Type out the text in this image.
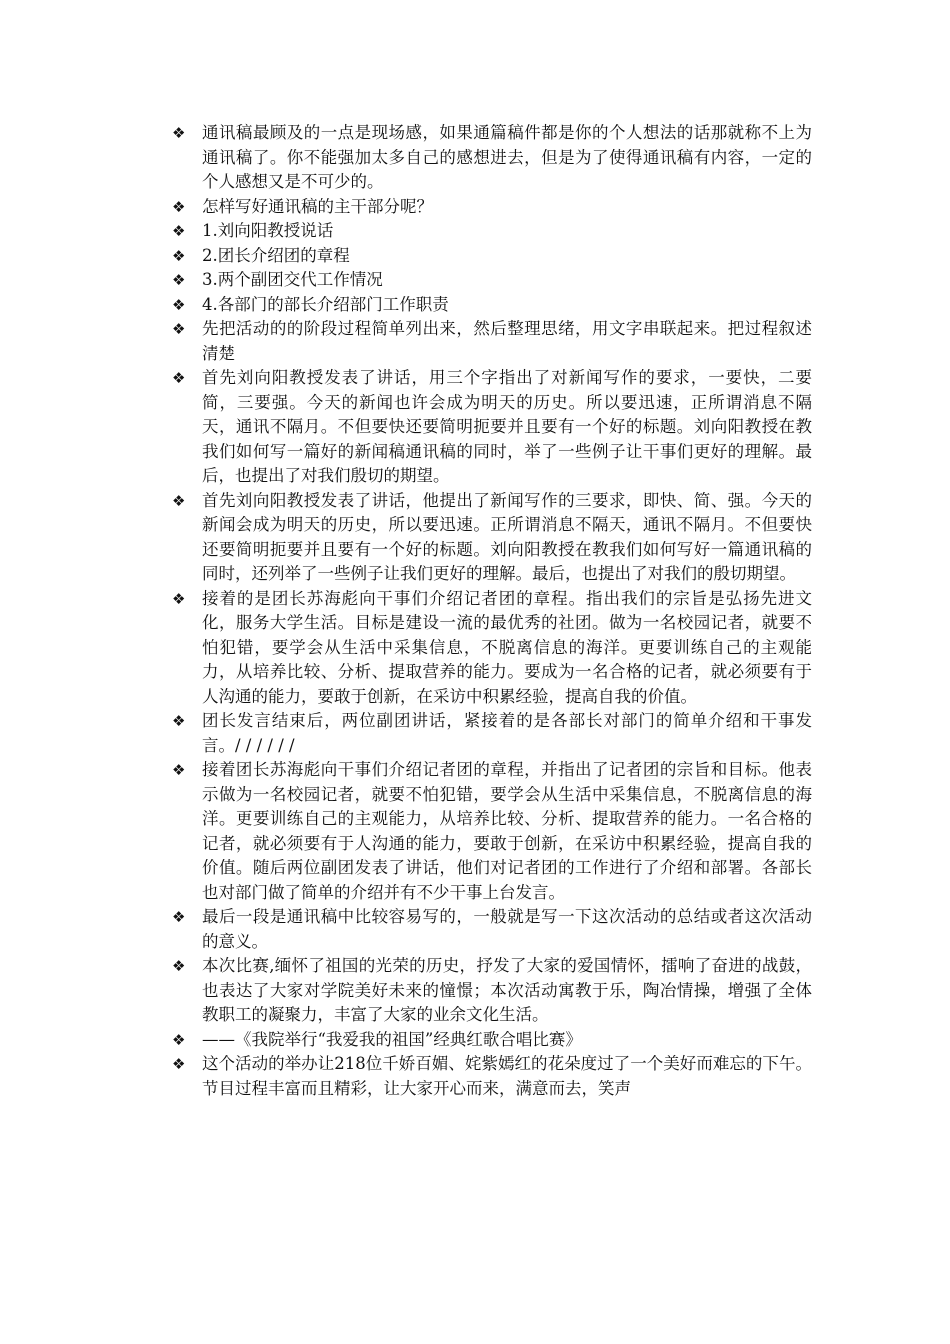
❖	通讯稿最顾及的一点是现场感，如果通篇稿件都是你的个人想法的话那就称不上为通讯稿了。你不能强加太多自己的感想进去，但是为了使得通讯稿有内容，一定的个人感想又是不可少的。
❖	怎样写好通讯稿的主干部分呢？
❖	1.刘向阳教授说话
❖	2.团长介绍团的章程
❖	3.两个副团交代工作情况
❖	4.各部门的部长介绍部门工作职责
❖	先把活动的的阶段过程简单列出来，然后整理思绪，用文字串联起来。把过程叙述清楚
❖	首先刘向阳教授发表了讲话，用三个字指出了对新闻写作的要求，一要快，二要简，三要强。今天的新闻也许会成为明天的历史。所以要迅速，正所谓消息不隔天，通讯不隔月。不但要快还要简明扼要并且要有一个好的标题。刘向阳教授在教我们如何写一篇好的新闻稿通讯稿的同时，举了一些例子让干事们更好的理解。最后，也提出了对我们殷切的期望。
❖	首先刘向阳教授发表了讲话，他提出了新闻写作的三要求，即快、简、强。今天的新闻会成为明天的历史，所以要迅速。正所谓消息不隔天，通讯不隔月。不但要快还要简明扼要并且要有一个好的标题。刘向阳教授在教我们如何写好一篇通讯稿的同时，还列举了一些例子让我们更好的理解。最后，也提出了对我们的殷切期望。
❖	接着的是团长苏海彪向干事们介绍记者团的章程。指出我们的宗旨是弘扬先进文化，服务大学生活。目标是建设一流的最优秀的社团。做为一名校园记者，就要不怕犯错，要学会从生活中采集信息，不脱离信息的海洋。更要训练自己的主观能力，从培养比较、分析、提取营养的能力。要成为一名合格的记者，就必须要有于人沟通的能力，要敢于创新，在采访中积累经验，提高自我的价值。
❖	团长发言结束后，两位副团讲话，紧接着的是各部长对部门的简单介绍和干事发言。/ / / / / /
❖	接着团长苏海彪向干事们介绍记者团的章程，并指出了记者团的宗旨和目标。他表示做为一名校园记者，就要不怕犯错，要学会从生活中采集信息，不脱离信息的海洋。更要训练自己的主观能力，从培养比较、分析、提取营养的能力。一名合格的记者，就必须要有于人沟通的能力，要敢于创新，在采访中积累经验，提高自我的价值。随后两位副团发表了讲话，他们对记者团的工作进行了介绍和部署。各部长也对部门做了简单的介绍并有不少干事上台发言。
❖	最后一段是通讯稿中比较容易写的，一般就是写一下这次活动的总结或者这次活动的意义。
❖	本次比赛,缅怀了祖国的光荣的历史，抒发了大家的爱国情怀，擂响了奋进的战鼓，也表达了大家对学院美好未来的憧憬；本次活动寓教于乐，陶冶情操，增强了全体教职工的凝聚力，丰富了大家的业余文化生活。
❖	——《我院举行“我爱我的祖国”经典红歌合唱比赛》
❖	这个活动的举办让218位千娇百媚、姹紫嫣红的花朵度过了一个美好而难忘的下午。节目过程丰富而且精彩，让大家开心而来，满意而去，笑声
